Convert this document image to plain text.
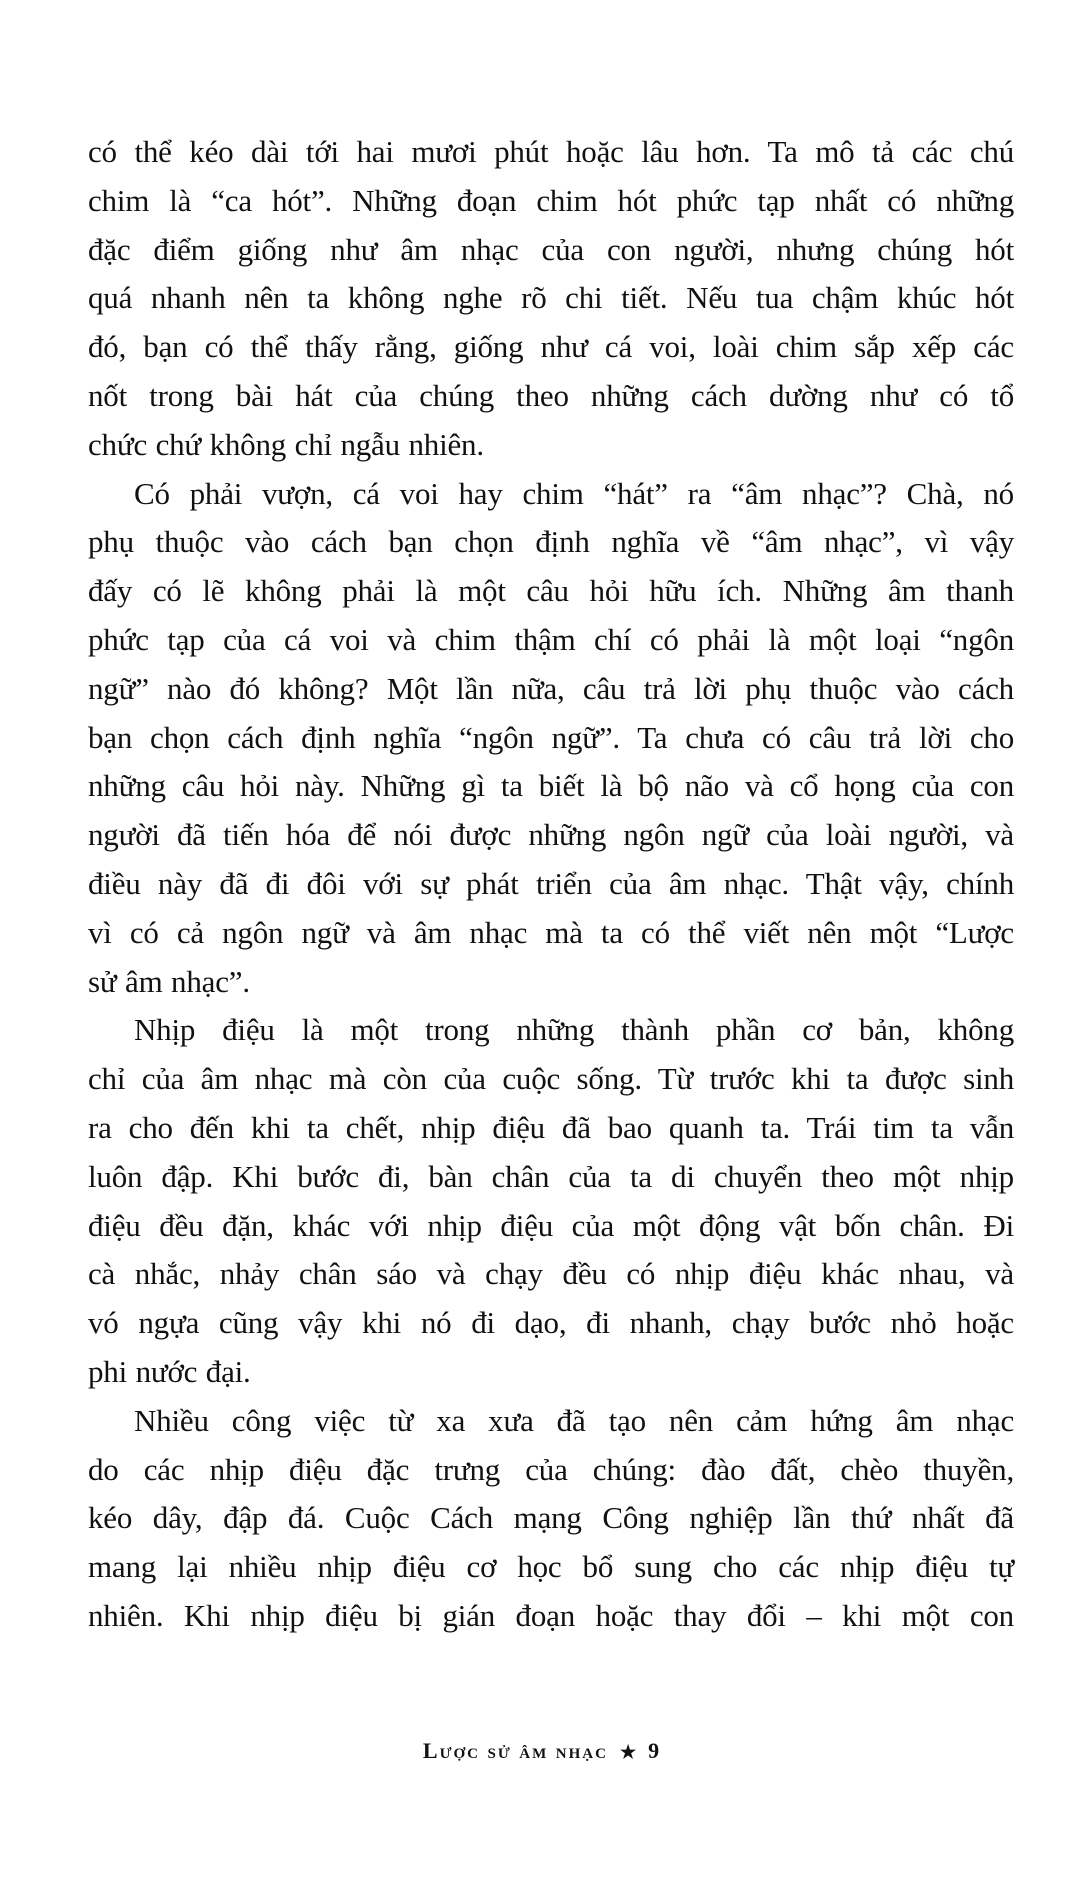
có thể kéo dài tới hai mươi phút hoặc lâu hơn. Ta mô tả các chú
chim là “ca hót”. Những đoạn chim hót phức tạp nhất có những
đặc điểm giống như âm nhạc của con người, nhưng chúng hót
quá nhanh nên ta không nghe rõ chi tiết. Nếu tua chậm khúc hót
đó, bạn có thể thấy rằng, giống như cá voi, loài chim sắp xếp các
nốt trong bài hát của chúng theo những cách dường như có tổ
chức chứ không chỉ ngẫu nhiên.
Có phải vượn, cá voi hay chim “hát” ra “âm nhạc”? Chà, nó
phụ thuộc vào cách bạn chọn định nghĩa về “âm nhạc”, vì vậy
đấy có lẽ không phải là một câu hỏi hữu ích. Những âm thanh
phức tạp của cá voi và chim thậm chí có phải là một loại “ngôn
ngữ” nào đó không? Một lần nữa, câu trả lời phụ thuộc vào cách
bạn chọn cách định nghĩa “ngôn ngữ”. Ta chưa có câu trả lời cho
những câu hỏi này. Những gì ta biết là bộ não và cổ họng của con
người đã tiến hóa để nói được những ngôn ngữ của loài người, và
điều này đã đi đôi với sự phát triển của âm nhạc. Thật vậy, chính
vì có cả ngôn ngữ và âm nhạc mà ta có thể viết nên một “Lược
sử âm nhạc”.
Nhịp điệu là một trong những thành phần cơ bản, không
chỉ của âm nhạc mà còn của cuộc sống. Từ trước khi ta được sinh
ra cho đến khi ta chết, nhịp điệu đã bao quanh ta. Trái tim ta vẫn
luôn đập. Khi bước đi, bàn chân của ta di chuyển theo một nhịp
điệu đều đặn, khác với nhịp điệu của một động vật bốn chân. Đi
cà nhắc, nhảy chân sáo và chạy đều có nhịp điệu khác nhau, và
vó ngựa cũng vậy khi nó đi dạo, đi nhanh, chạy bước nhỏ hoặc
phi nước đại.
Nhiều công việc từ xa xưa đã tạo nên cảm hứng âm nhạc
do các nhịp điệu đặc trưng của chúng: đào đất, chèo thuyền,
kéo dây, đập đá. Cuộc Cách mạng Công nghiệp lần thứ nhất đã
mang lại nhiều nhịp điệu cơ học bổ sung cho các nhịp điệu tự
nhiên. Khi nhịp điệu bị gián đoạn hoặc thay đổi – khi một con
Lược sử âm nhạc ★ 9
